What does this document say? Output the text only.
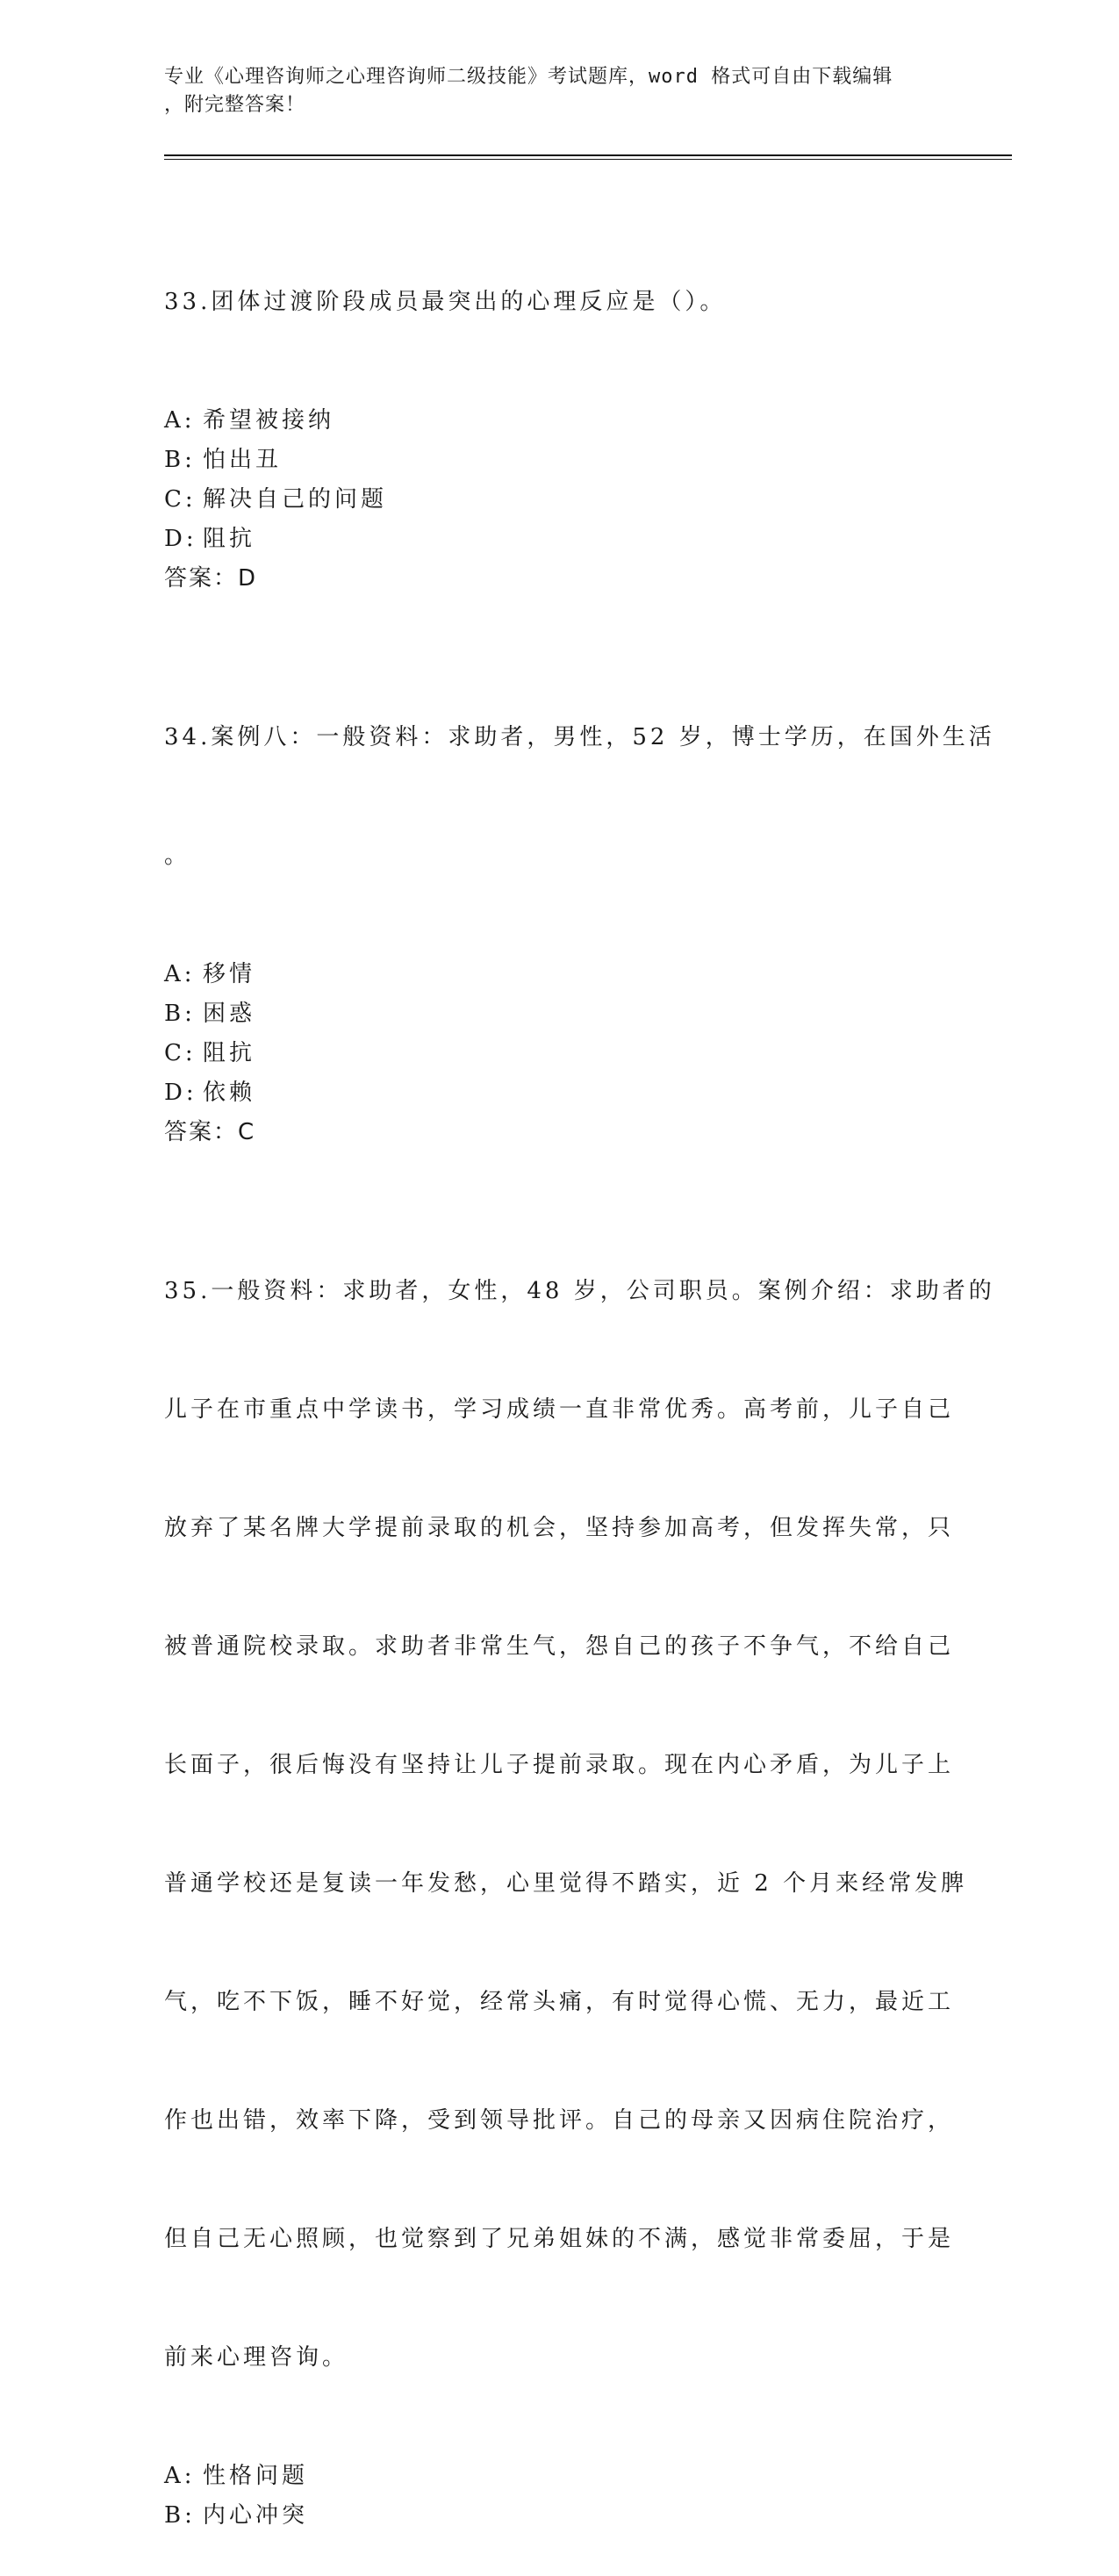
专业《心理咨询师之心理咨询师二级技能》考试题库，word 格式可自由下载编辑
，附完整答案！

33.团体过渡阶段成员最突出的心理反应是（）。

A: 希望被接纳
B: 怕出丑
C: 解决自己的问题
D: 阻抗
答案：D

34.案例八：一般资料：求助者，男性，52 岁，博士学历，在国外生活

。

A: 移情
B: 困惑
C: 阻抗
D: 依赖
答案：C

35.一般资料：求助者，女性，48 岁，公司职员。案例介绍：求助者的

儿子在市重点中学读书，学习成绩一直非常优秀。高考前，儿子自己

放弃了某名牌大学提前录取的机会，坚持参加高考，但发挥失常，只

被普通院校录取。求助者非常生气，怨自己的孩子不争气，不给自己

长面子，很后悔没有坚持让儿子提前录取。现在内心矛盾，为儿子上

普通学校还是复读一年发愁，心里觉得不踏实，近 2 个月来经常发脾

气，吃不下饭，睡不好觉，经常头痛，有时觉得心慌、无力，最近工

作也出错，效率下降，受到领导批评。自己的母亲又因病住院治疗，

但自己无心照顾，也觉察到了兄弟姐妹的不满，感觉非常委屈，于是

前来心理咨询。

A: 性格问题
B: 内心冲突
